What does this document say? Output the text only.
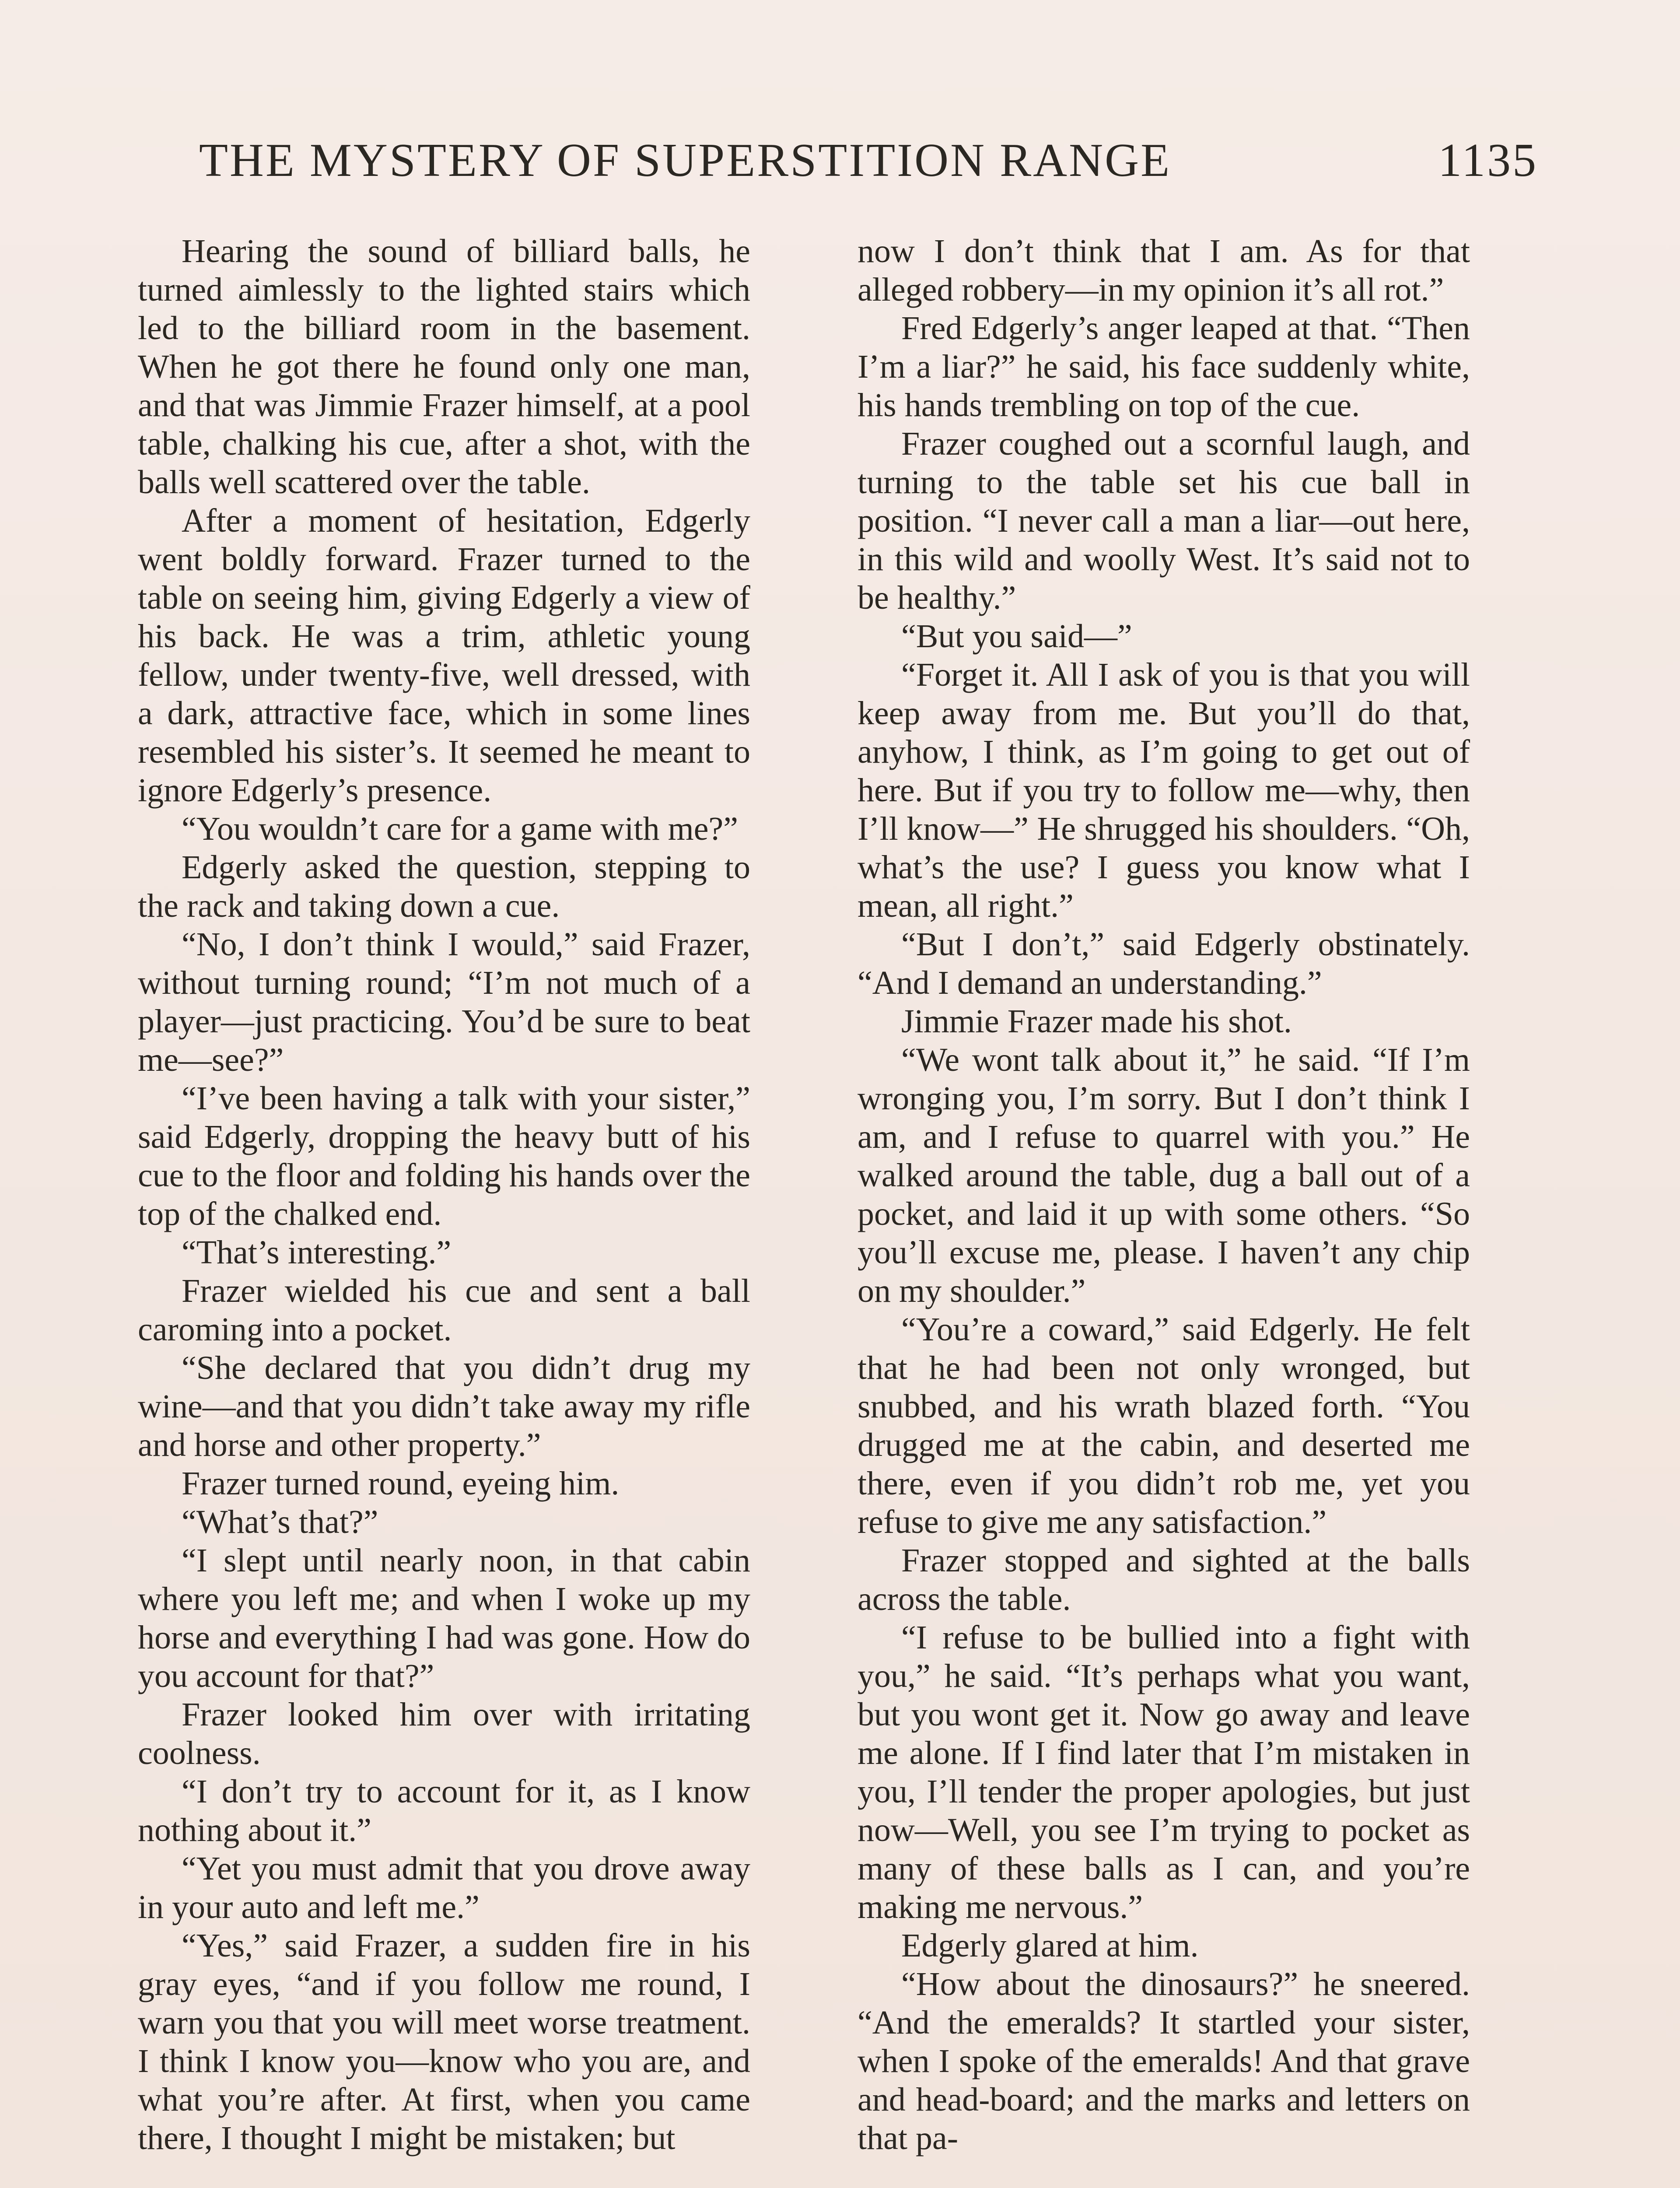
THE MYSTERY OF SUPERSTITION RANGE	1135

Hearing the sound of billiard balls, he turned aimlessly to the lighted stairs which led to the billiard room in the basement. When he got there he found only one man, and that was Jimmie Frazer himself, at a pool table, chalking his cue, after a shot, with the balls well scattered over the table.

After a moment of hesitation, Edgerly went boldly forward. Frazer turned to the table on seeing him, giving Edgerly a view of his back. He was a trim, athletic young fellow, under twenty-five, well dressed, with a dark, attractive face, which in some lines resembled his sister’s. It seemed he meant to ignore Edgerly’s presence.

“You wouldn’t care for a game with me?”

Edgerly asked the question, stepping to the rack and taking down a cue.

“No, I don’t think I would,” said Frazer, without turning round; “I’m not much of a player—just practicing. You’d be sure to beat me—see?”

“I’ve been having a talk with your sister,” said Edgerly, dropping the heavy butt of his cue to the floor and folding his hands over the top of the chalked end.

“That’s interesting.”

Frazer wielded his cue and sent a ball caroming into a pocket.

“She declared that you didn’t drug my wine—and that you didn’t take away my rifle and horse and other property.”

Frazer turned round, eyeing him.

“What’s that?”

“I slept until nearly noon, in that cabin where you left me; and when I woke up my horse and everything I had was gone. How do you account for that?”

Frazer looked him over with irritating coolness.

“I don’t try to account for it, as I know nothing about it.”

“Yet you must admit that you drove away in your auto and left me.”

“Yes,” said Frazer, a sudden fire in his gray eyes, “and if you follow me round, I warn you that you will meet worse treatment. I think I know you—know who you are, and what you’re after. At first, when you came there, I thought I might be mistaken; but

now I don’t think that I am. As for that alleged robbery—in my opinion it’s all rot.”

Fred Edgerly’s anger leaped at that. “Then I’m a liar?” he said, his face suddenly white, his hands trembling on top of the cue.

Frazer coughed out a scornful laugh, and turning to the table set his cue ball in position. “I never call a man a liar—out here, in this wild and woolly West. It’s said not to be healthy.”

“But you said—”

“Forget it. All I ask of you is that you will keep away from me. But you’ll do that, anyhow, I think, as I’m going to get out of here. But if you try to follow me—why, then I’ll know—” He shrugged his shoulders. “Oh, what’s the use? I guess you know what I mean, all right.”

“But I don’t,” said Edgerly obstinately. “And I demand an understanding.”

Jimmie Frazer made his shot.

“We wont talk about it,” he said. “If I’m wronging you, I’m sorry. But I don’t think I am, and I refuse to quarrel with you.” He walked around the table, dug a ball out of a pocket, and laid it up with some others. “So you’ll excuse me, please. I haven’t any chip on my shoulder.”

“You’re a coward,” said Edgerly. He felt that he had been not only wronged, but snubbed, and his wrath blazed forth. “You drugged me at the cabin, and deserted me there, even if you didn’t rob me, yet you refuse to give me any satisfaction.”

Frazer stopped and sighted at the balls across the table.

“I refuse to be bullied into a fight with you,” he said. “It’s perhaps what you want, but you wont get it. Now go away and leave me alone. If I find later that I’m mistaken in you, I’ll tender the proper apologies, but just now—Well, you see I’m trying to pocket as many of these balls as I can, and you’re making me nervous.”

Edgerly glared at him.

“How about the dinosaurs?” he sneered. “And the emeralds? It startled your sister, when I spoke of the emeralds! And that grave and head-board; and the marks and letters on that pa-
